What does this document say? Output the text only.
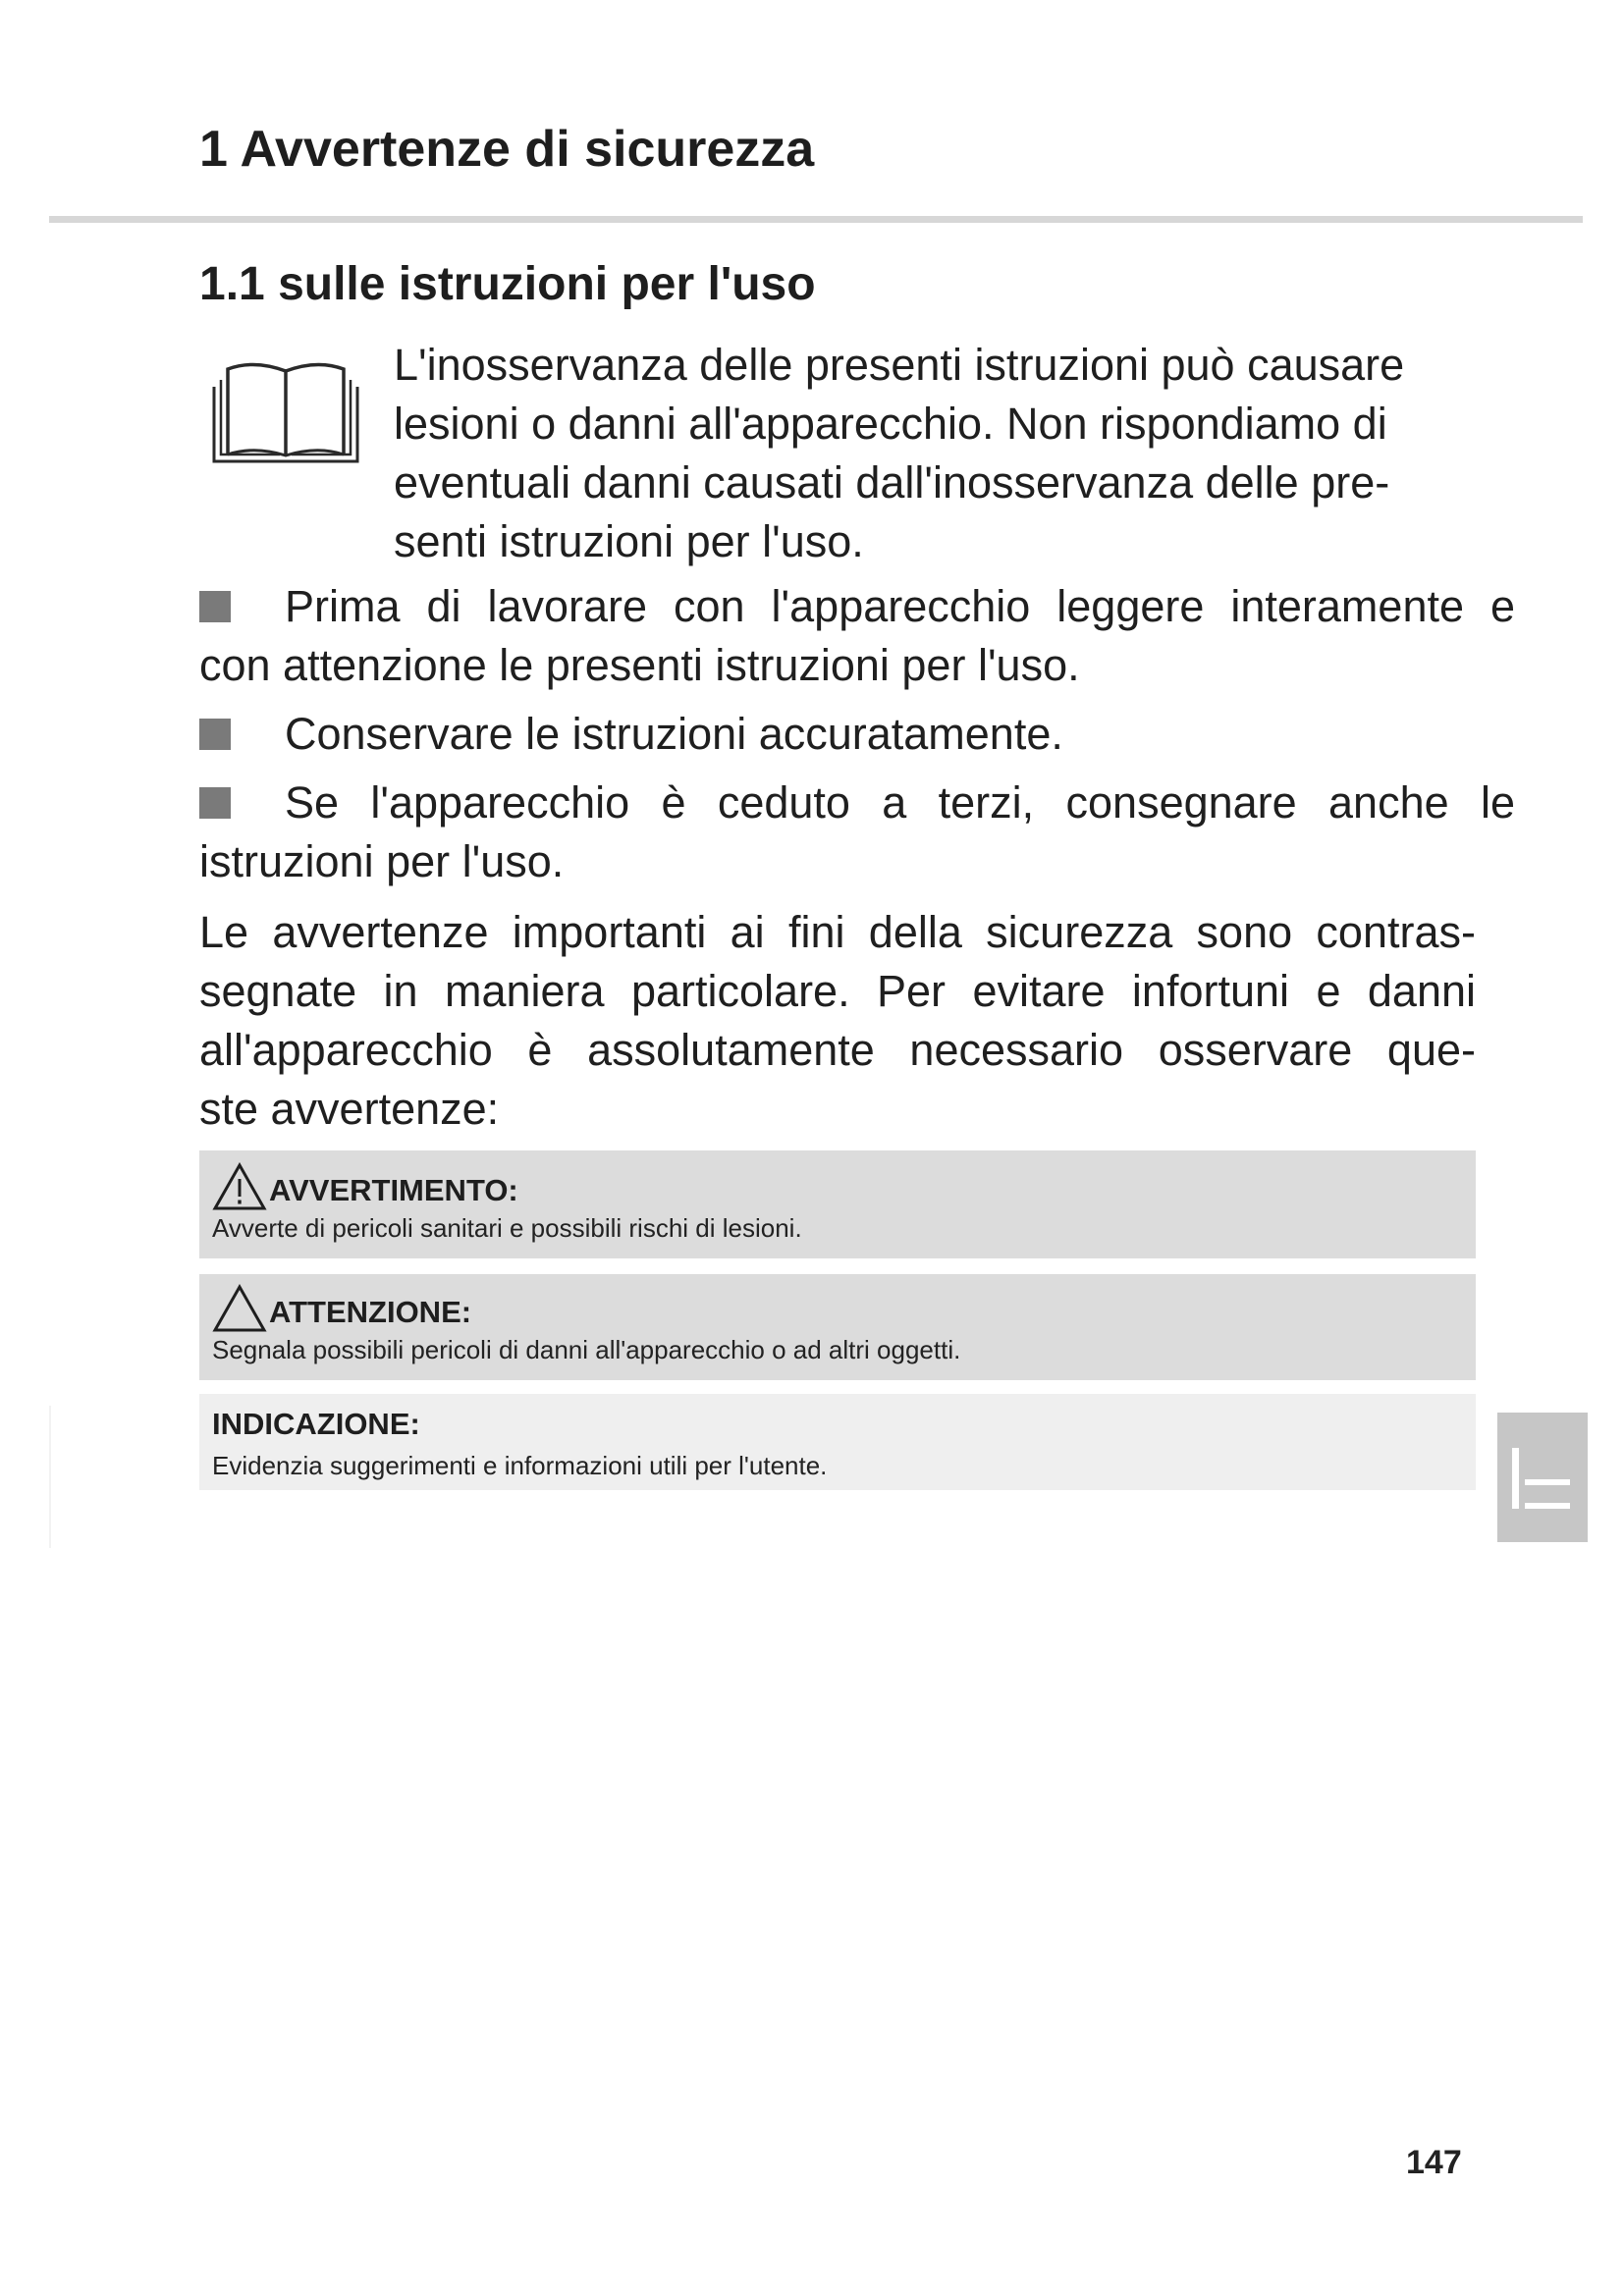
1 Avvertenze di sicurezza
1.1 sulle istruzioni per l'uso
L'inosservanza delle presenti istruzioni può causare
lesioni o danni all'apparecchio. Non rispondiamo di
eventuali danni causati dall'inosservanza delle pre-
senti istruzioni per l'uso.
Prima di lavorare con l'apparecchio leggere interamente e
con attenzione le presenti istruzioni per l'uso.
Conservare le istruzioni accuratamente.
Se l'apparecchio è ceduto a terzi, consegnare anche le
istruzioni per l'uso.
Le avvertenze importanti ai fini della sicurezza sono contras-
segnate in maniera particolare. Per evitare infortuni e danni
all'apparecchio è assolutamente necessario osservare que-
ste avvertenze:
AVVERTIMENTO:
Avverte di pericoli sanitari e possibili rischi di lesioni.
ATTENZIONE:
Segnala possibili pericoli di danni all'apparecchio o ad altri oggetti.
INDICAZIONE:
Evidenzia suggerimenti e informazioni utili per l'utente.
147
